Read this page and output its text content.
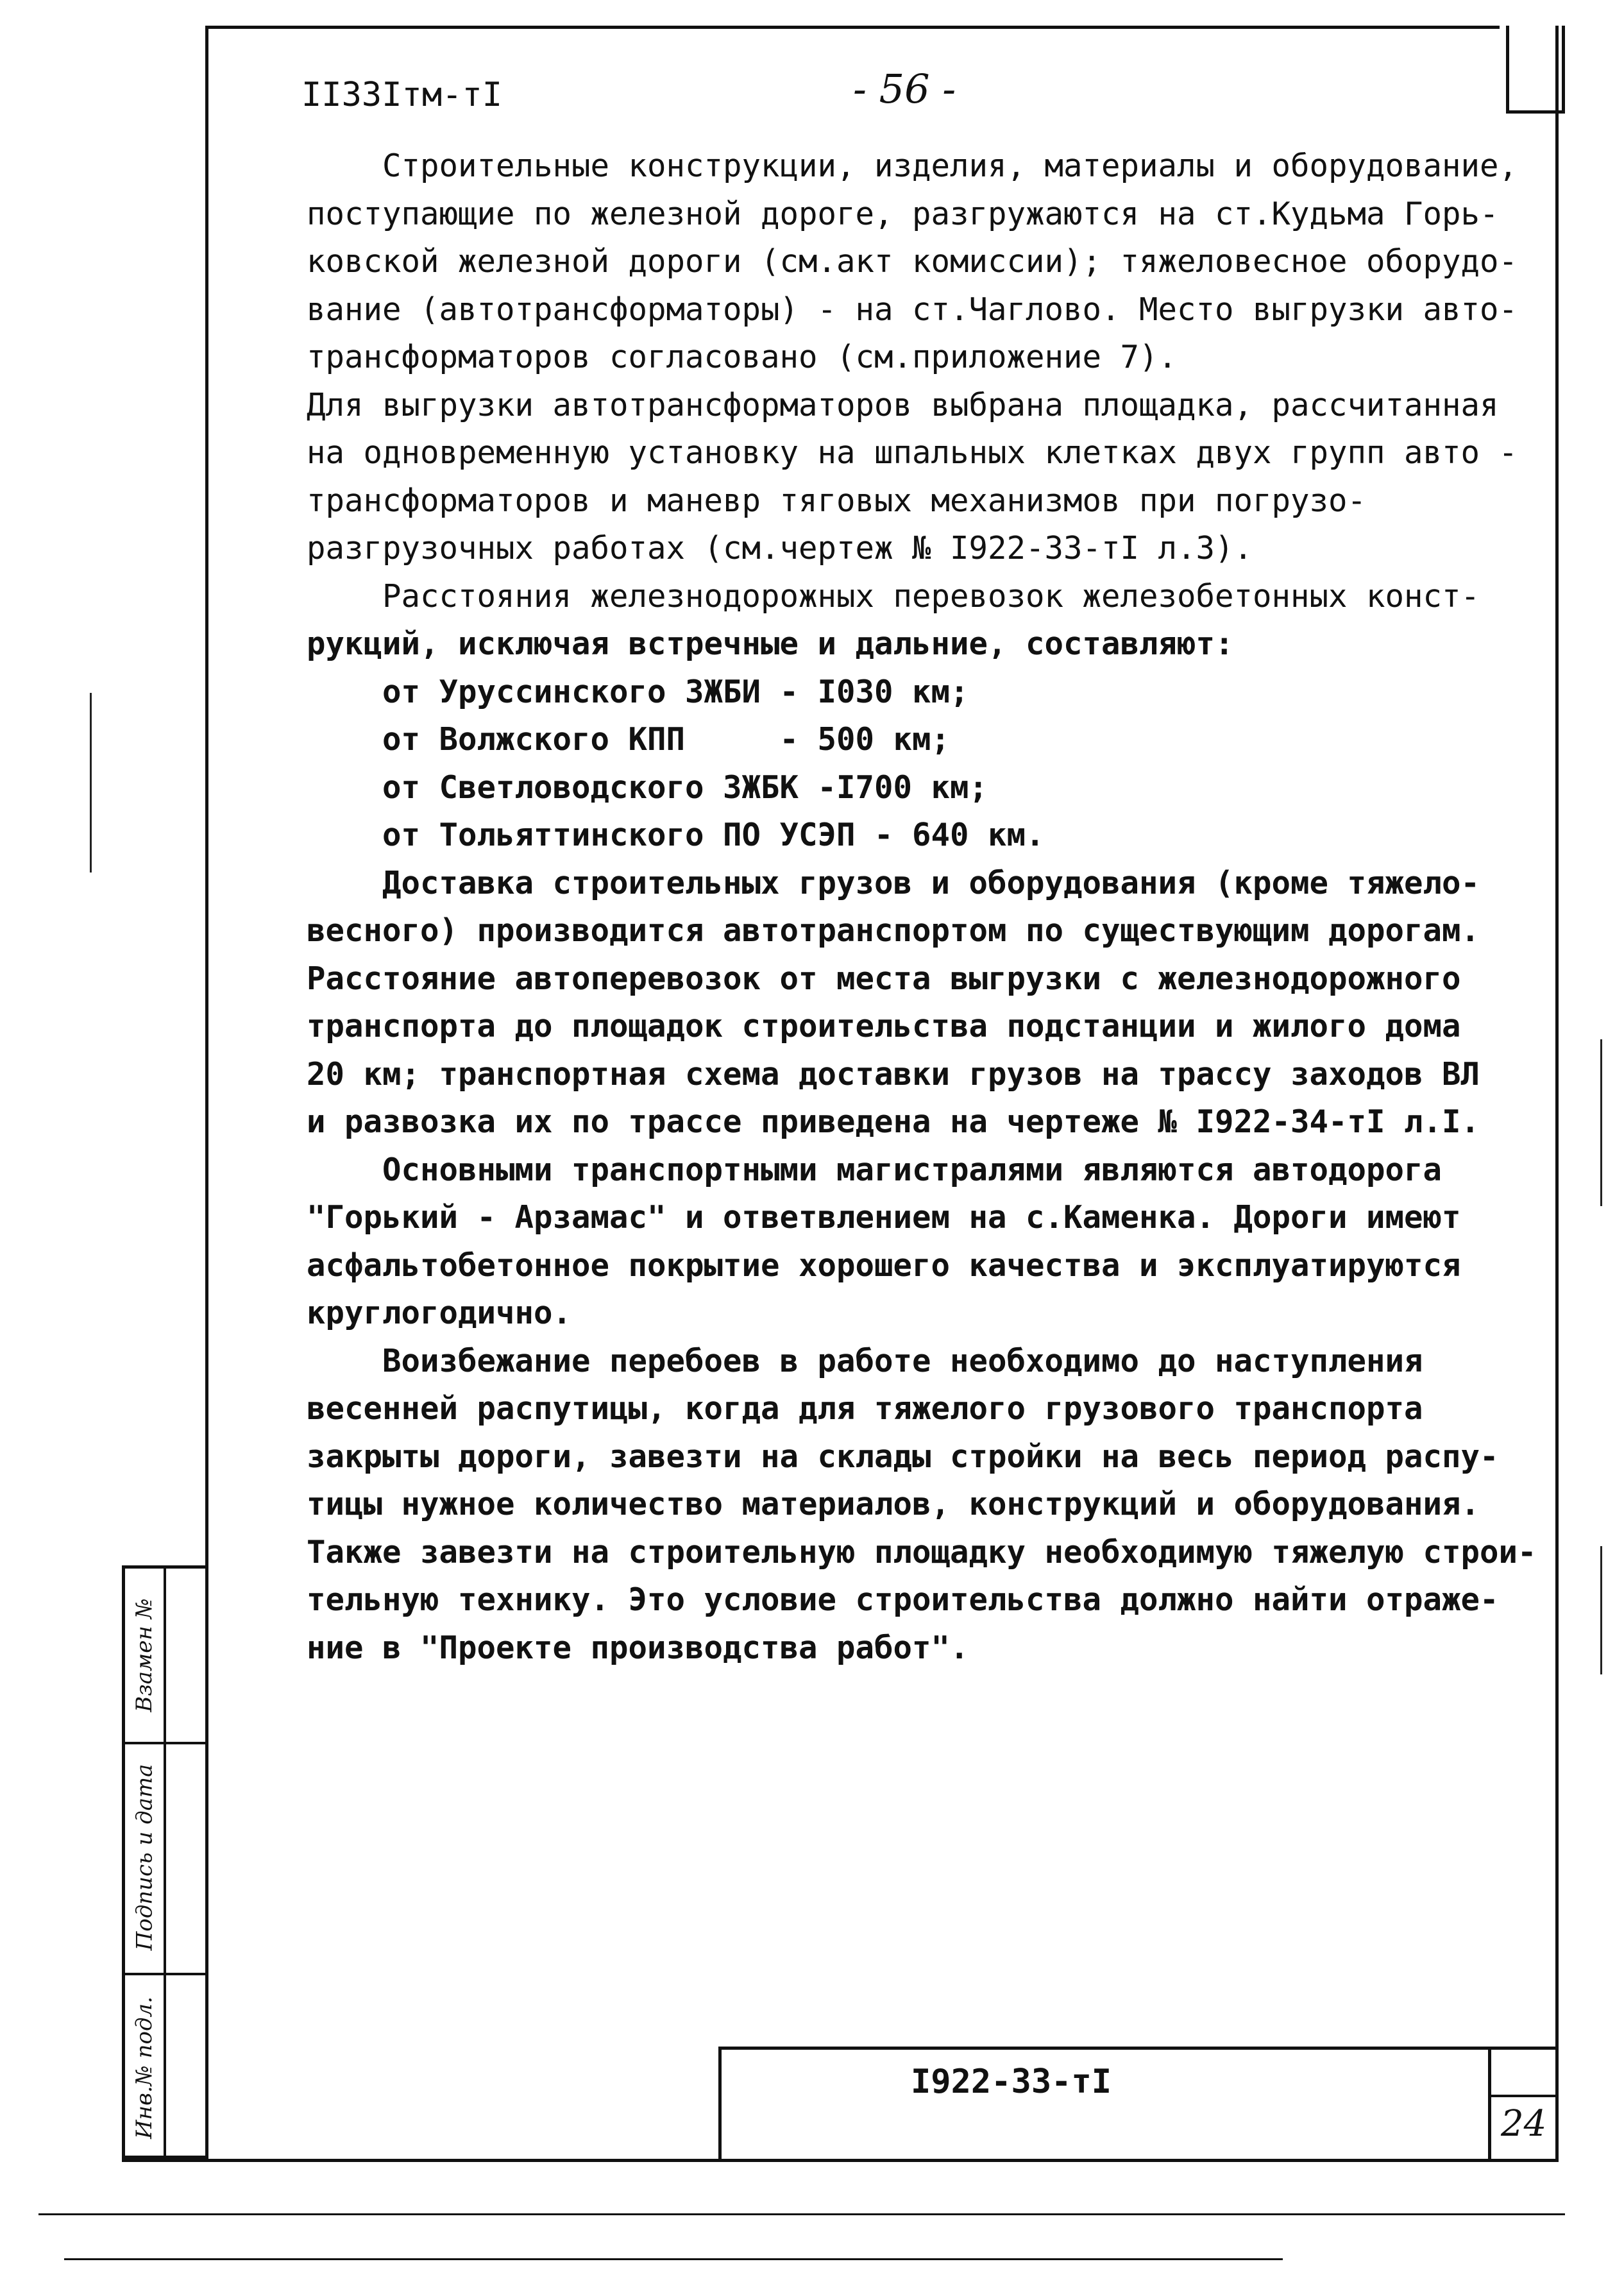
II33Iтм-тI	- 56 -
Строительные конструкции, изделия, материалы и оборудование,
поступающие по железной дороге, разгружаются на ст.Кудьма Горь-
ковской железной дороги (см.акт комиссии); тяжеловесное оборудо-
вание (автотрансформаторы) - на ст.Чаглово. Место выгрузки авто-
трансформаторов согласовано (см.приложение 7).
Для выгрузки автотрансформаторов выбрана площадка, рассчитанная
на одновременную установку на шпальных клетках двух групп авто -
трансформаторов и маневр тяговых механизмов при погрузо-
разгрузочных работах (см.чертеж № I922-33-тI л.3).
Расстояния железнодорожных перевозок железобетонных конст-
рукций, исключая встречные и дальние, составляют:
от Уруссинского ЗЖБИ - I030 км;
от Волжского КПП     - 500 км;
от Светловодского ЗЖБК -I700 км;
от Тольяттинского ПО УСЭП - 640 км.
Доставка строительных грузов и оборудования (кроме тяжело-
весного) производится автотранспортом по существующим дорогам.
Расстояние автоперевозок от места выгрузки с железнодорожного
транспорта до площадок строительства подстанции и жилого дома
20 км; транспортная схема доставки грузов на трассу заходов ВЛ
и развозка их по трассе приведена на чертеже № I922-34-тI л.I.
Основными транспортными магистралями являются автодорога
"Горький - Арзамас" и ответвлением на с.Каменка. Дороги имеют
асфальтобетонное покрытие хорошего качества и эксплуатируются
круглогодично.
Воизбежание перебоев в работе необходимо до наступления
весенней распутицы, когда для тяжелого грузового транспорта
закрыты дороги, завезти на склады стройки на весь период распу-
тицы нужное количество материалов, конструкций и оборудования.
Также завезти на строительную площадку необходимую тяжелую строи-
тельную технику. Это условие строительства должно найти отраже-
ние в "Проекте производства работ".
Взамен №
Подпись и дата
Инв.№ подл.	I922-33-тI
24
